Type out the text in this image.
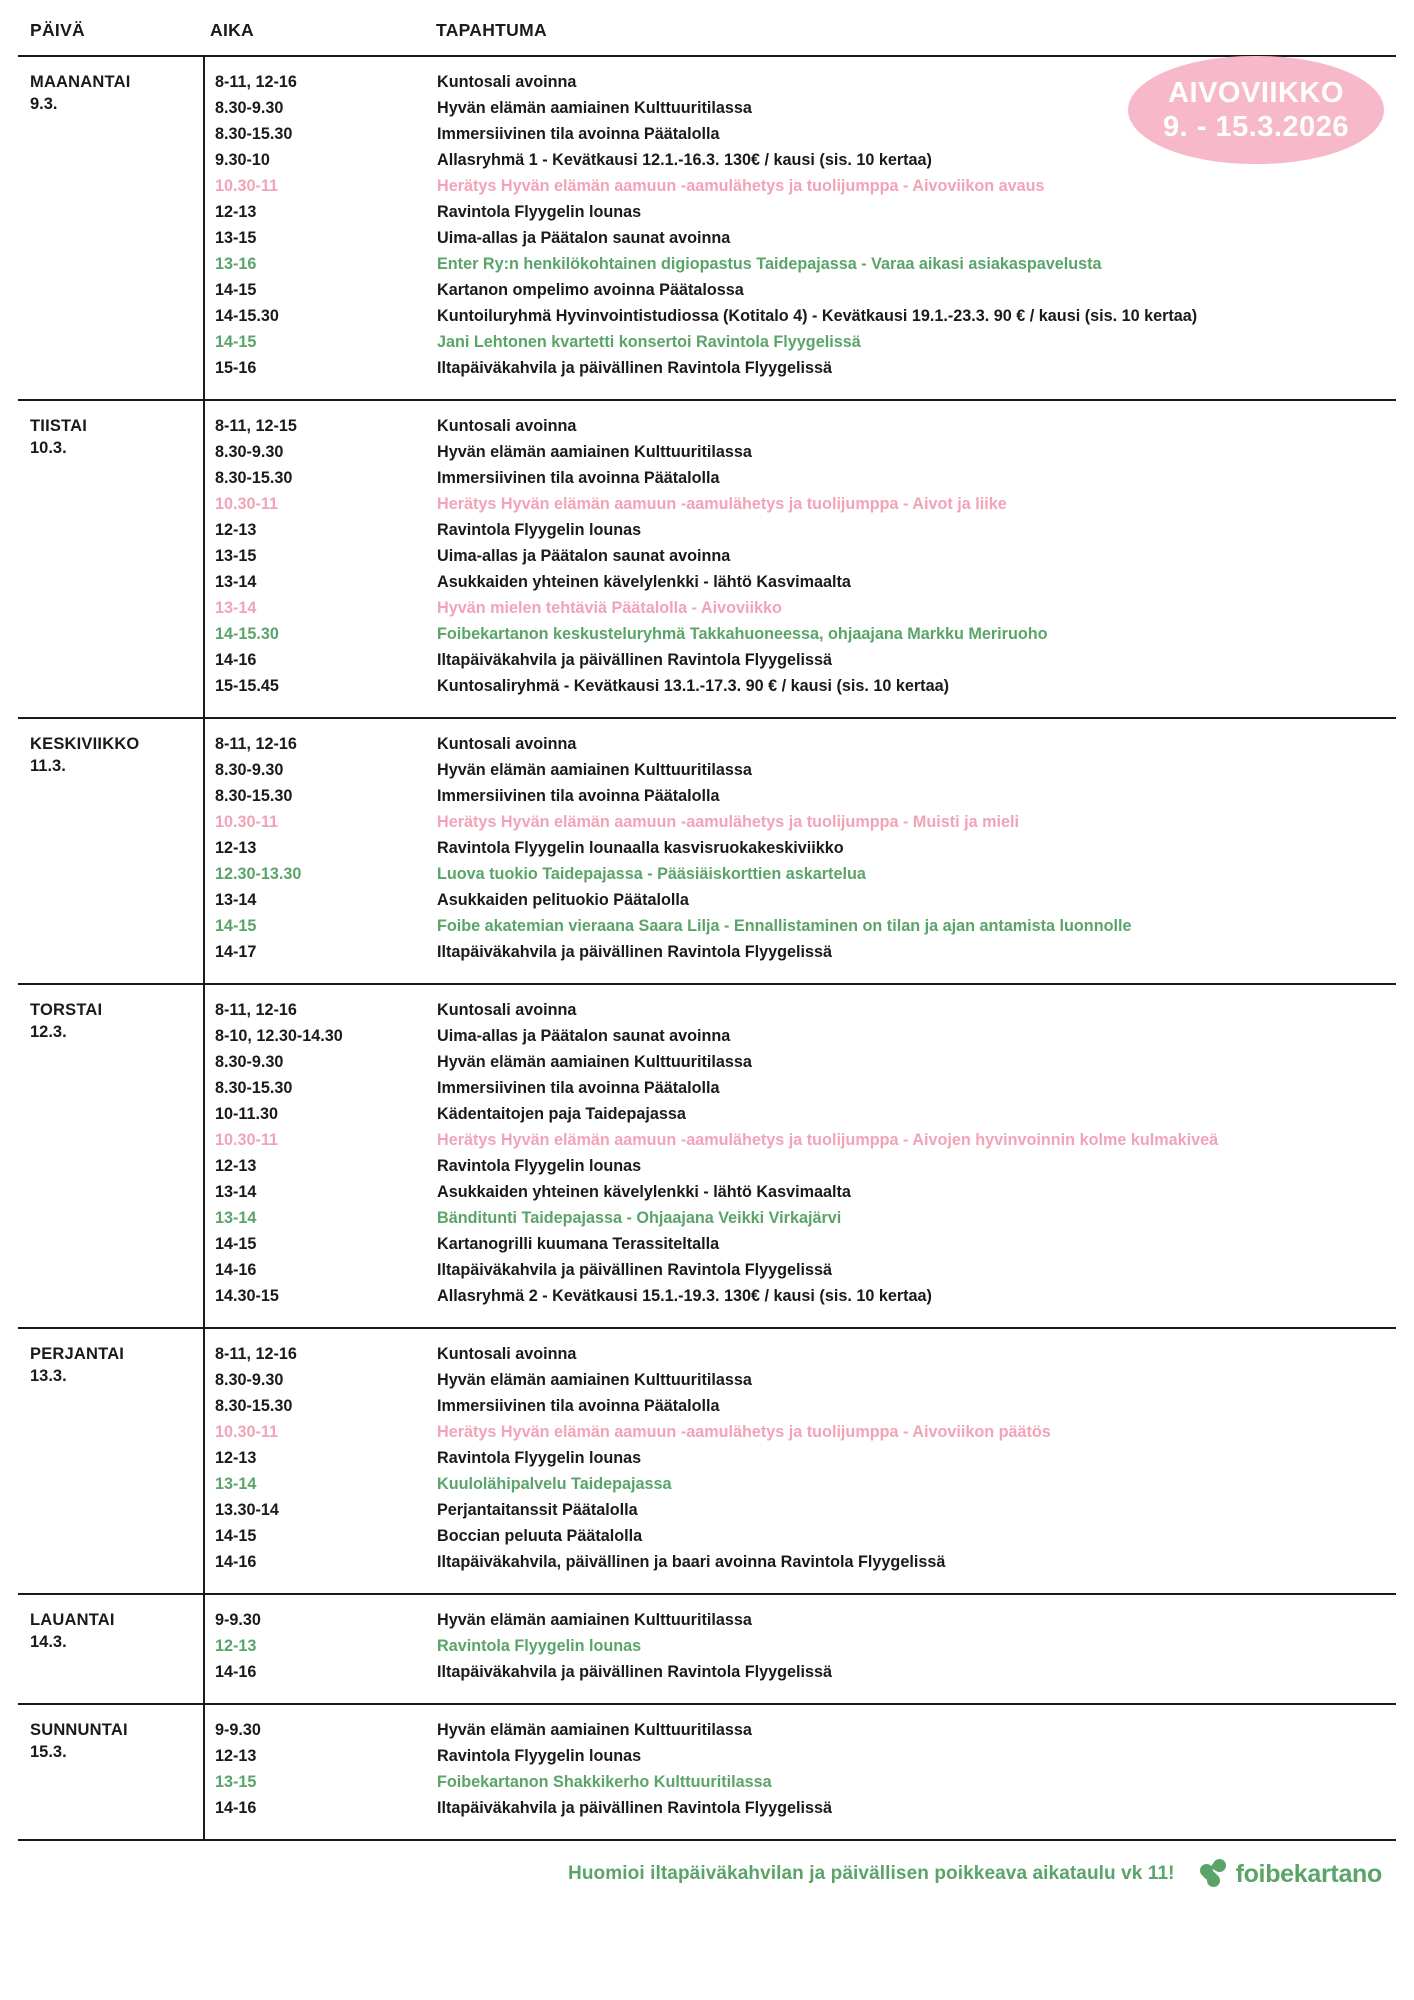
AIVOVIIKKO
9. - 15.3.2026
PÄIVÄ	AIKA	TAPAHTUMA

MAANANTAI
9.3.

8-11, 12-16	Kuntosali avoinna
8.30-9.30	Hyvän elämän aamiainen Kulttuuritilassa
8.30-15.30	Immersiivinen tila avoinna Päätalolla
9.30-10	Allasryhmä 1 - Kevätkausi 12.1.-16.3. 130€ / kausi (sis. 10 kertaa)
10.30-11	Herätys Hyvän elämän aamuun -aamulähetys ja tuolijumppa - Aivoviikon avaus
12-13	Ravintola Flyygelin lounas
13-15	Uima-allas ja Päätalon saunat avoinna
13-16	Enter Ry:n henkilökohtainen digiopastus Taidepajassa - Varaa aikasi asiakaspavelusta
14-15	Kartanon ompelimo avoinna Päätalossa
14-15.30	Kuntoiluryhmä Hyvinvointistudiossa (Kotitalo 4) - Kevätkausi 19.1.-23.3. 90 € / kausi (sis. 10 kertaa)
14-15	Jani Lehtonen kvartetti konsertoi Ravintola Flyygelissä
15-16	Iltapäiväkahvila ja päivällinen Ravintola Flyygelissä

TIISTAI
10.3.

8-11, 12-15	Kuntosali avoinna
8.30-9.30	Hyvän elämän aamiainen Kulttuuritilassa
8.30-15.30	Immersiivinen tila avoinna Päätalolla
10.30-11	Herätys Hyvän elämän aamuun -aamulähetys ja tuolijumppa - Aivot ja liike
12-13	Ravintola Flyygelin lounas
13-15	Uima-allas ja Päätalon saunat avoinna
13-14	Asukkaiden yhteinen kävelylenkki - lähtö Kasvimaalta
13-14	Hyvän mielen tehtäviä Päätalolla - Aivoviikko
14-15.30	Foibekartanon keskusteluryhmä Takkahuoneessa, ohjaajana Markku Meriruoho
14-16	Iltapäiväkahvila ja päivällinen Ravintola Flyygelissä
15-15.45	Kuntosaliryhmä - Kevätkausi 13.1.-17.3. 90 € / kausi (sis. 10 kertaa)

KESKIVIIKKO
11.3.

8-11, 12-16	Kuntosali avoinna
8.30-9.30	Hyvän elämän aamiainen Kulttuuritilassa
8.30-15.30	Immersiivinen tila avoinna Päätalolla
10.30-11	Herätys Hyvän elämän aamuun -aamulähetys ja tuolijumppa - Muisti ja mieli
12-13	Ravintola Flyygelin lounaalla kasvisruokakeskiviikko
12.30-13.30	Luova tuokio Taidepajassa - Pääsiäiskorttien askartelua
13-14	Asukkaiden pelituokio Päätalolla
14-15	Foibe akatemian vieraana Saara Lilja - Ennallistaminen on tilan ja ajan antamista luonnolle
14-17	Iltapäiväkahvila ja päivällinen Ravintola Flyygelissä

TORSTAI
12.3.

8-11, 12-16	Kuntosali avoinna
8-10, 12.30-14.30	Uima-allas ja Päätalon saunat avoinna
8.30-9.30	Hyvän elämän aamiainen Kulttuuritilassa
8.30-15.30	Immersiivinen tila avoinna Päätalolla
10-11.30	Kädentaitojen paja Taidepajassa
10.30-11	Herätys Hyvän elämän aamuun -aamulähetys ja tuolijumppa - Aivojen hyvinvoinnin kolme kulmakiveä
12-13	Ravintola Flyygelin lounas
13-14	Asukkaiden yhteinen kävelylenkki - lähtö Kasvimaalta
13-14	Bänditunti Taidepajassa - Ohjaajana Veikki Virkajärvi
14-15	Kartanogrilli kuumana Terassiteltalla
14-16	Iltapäiväkahvila ja päivällinen Ravintola Flyygelissä
14.30-15	Allasryhmä 2 - Kevätkausi 15.1.-19.3. 130€ / kausi (sis. 10 kertaa)

PERJANTAI
13.3.

8-11, 12-16	Kuntosali avoinna
8.30-9.30	Hyvän elämän aamiainen Kulttuuritilassa
8.30-15.30	Immersiivinen tila avoinna Päätalolla
10.30-11	Herätys Hyvän elämän aamuun -aamulähetys ja tuolijumppa - Aivoviikon päätös
12-13	Ravintola Flyygelin lounas
13-14	Kuulolähipalvelu Taidepajassa
13.30-14	Perjantaitanssit Päätalolla
14-15	Boccian peluuta Päätalolla
14-16	Iltapäiväkahvila, päivällinen ja baari avoinna Ravintola Flyygelissä

LAUANTAI
14.3.

9-9.30	Hyvän elämän aamiainen Kulttuuritilassa
12-13	Ravintola Flyygelin lounas
14-16	Iltapäiväkahvila ja päivällinen Ravintola Flyygelissä

SUNNUNTAI
15.3.

9-9.30	Hyvän elämän aamiainen Kulttuuritilassa
12-13	Ravintola Flyygelin lounas
13-15	Foibekartanon Shakkikerho Kulttuuritilassa
14-16	Iltapäiväkahvila ja päivällinen Ravintola Flyygelissä
Huomioi iltapäiväkahvilan ja päivällisen poikkeava aikataulu vk 11! foibekartano
